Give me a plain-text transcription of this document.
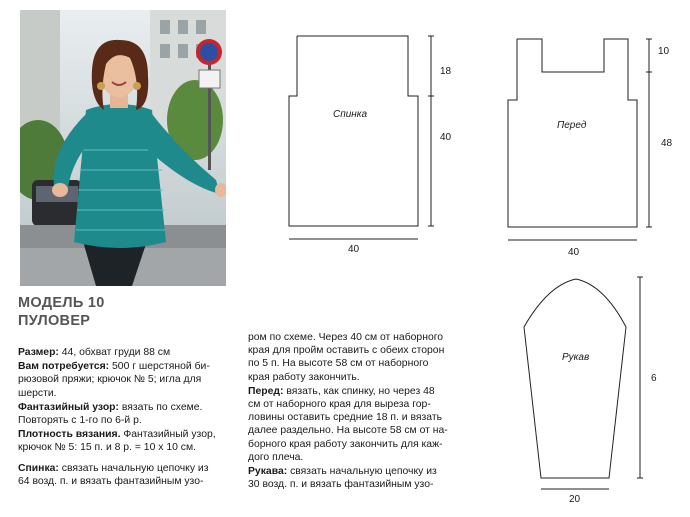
МОДЕЛЬ 10
ПУЛОВЕР

Размер: 44, обхват груди 88 см

Вам потребуется: 500 г шерстяной би-
рюзовой пряжи; крючок № 5; игла для
шерсти.

Фантазийный узор: вязать по схеме.
Повторять с 1-го по 6-й р.

Плотность вязания. Фантазийный узор,
крючок № 5: 15 п. и 8 р. = 10 х 10 см.

Спинка: связать начальную цепочку из
64 возд. п. и вязать фантазийным узо-

ром по схеме. Через 40 см от наборного
края для пройм оставить с обеих сторон
по 5 п. На высоте 58 см от наборного
края работу закончить.

Перед: вязать, как спинку, но через 48
см от наборного края для выреза гор-
ловины оставить средние 18 п. и вязать
далее раздельно. На высоте 58 см от на-
борного края работу закончить для каж-
дого плеча.

Рукава: связать начальную цепочку из
30 возд. п. и вязать фантазийным узо-

Спинка
18
40
40
Перед
10
48
40
Рукав
6
20
